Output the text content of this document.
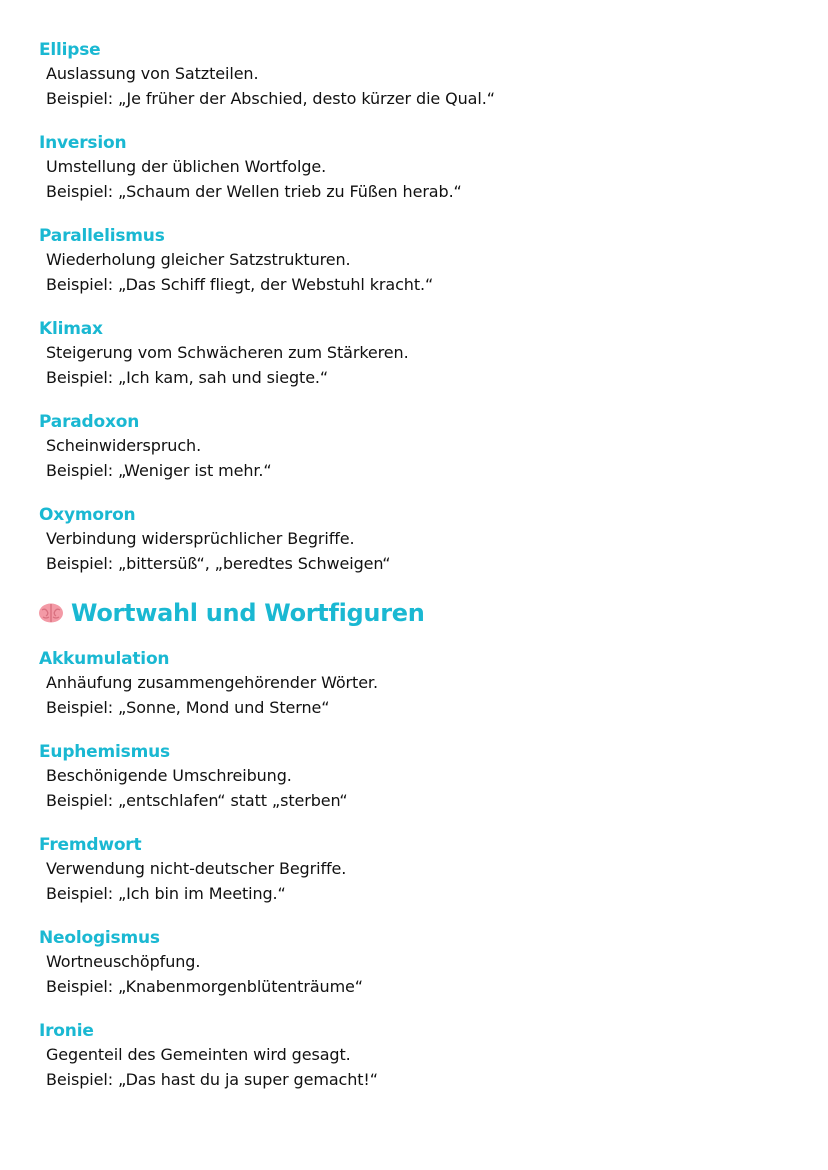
Ellipse
Auslassung von Satzteilen.
Beispiel: „Je früher der Abschied, desto kürzer die Qual.“
Inversion
Umstellung der üblichen Wortfolge.
Beispiel: „Schaum der Wellen trieb zu Füßen herab.“
Parallelismus
Wiederholung gleicher Satzstrukturen.
Beispiel: „Das Schiff fliegt, der Webstuhl kracht.“
Klimax
Steigerung vom Schwächeren zum Stärkeren.
Beispiel: „Ich kam, sah und siegte.“
Paradoxon
Scheinwiderspruch.
Beispiel: „Weniger ist mehr.“
Oxymoron
Verbindung widersprüchlicher Begriffe.
Beispiel: „bittersüß“, „beredtes Schweigen“
Wortwahl und Wortfiguren
Akkumulation
Anhäufung zusammengehörender Wörter.
Beispiel: „Sonne, Mond und Sterne“
Euphemismus
Beschönigende Umschreibung.
Beispiel: „entschlafen“ statt „sterben“
Fremdwort
Verwendung nicht-deutscher Begriffe.
Beispiel: „Ich bin im Meeting.“
Neologismus
Wortneuschöpfung.
Beispiel: „Knabenmorgenblütenträume“
Ironie
Gegenteil des Gemeinten wird gesagt.
Beispiel: „Das hast du ja super gemacht!“
